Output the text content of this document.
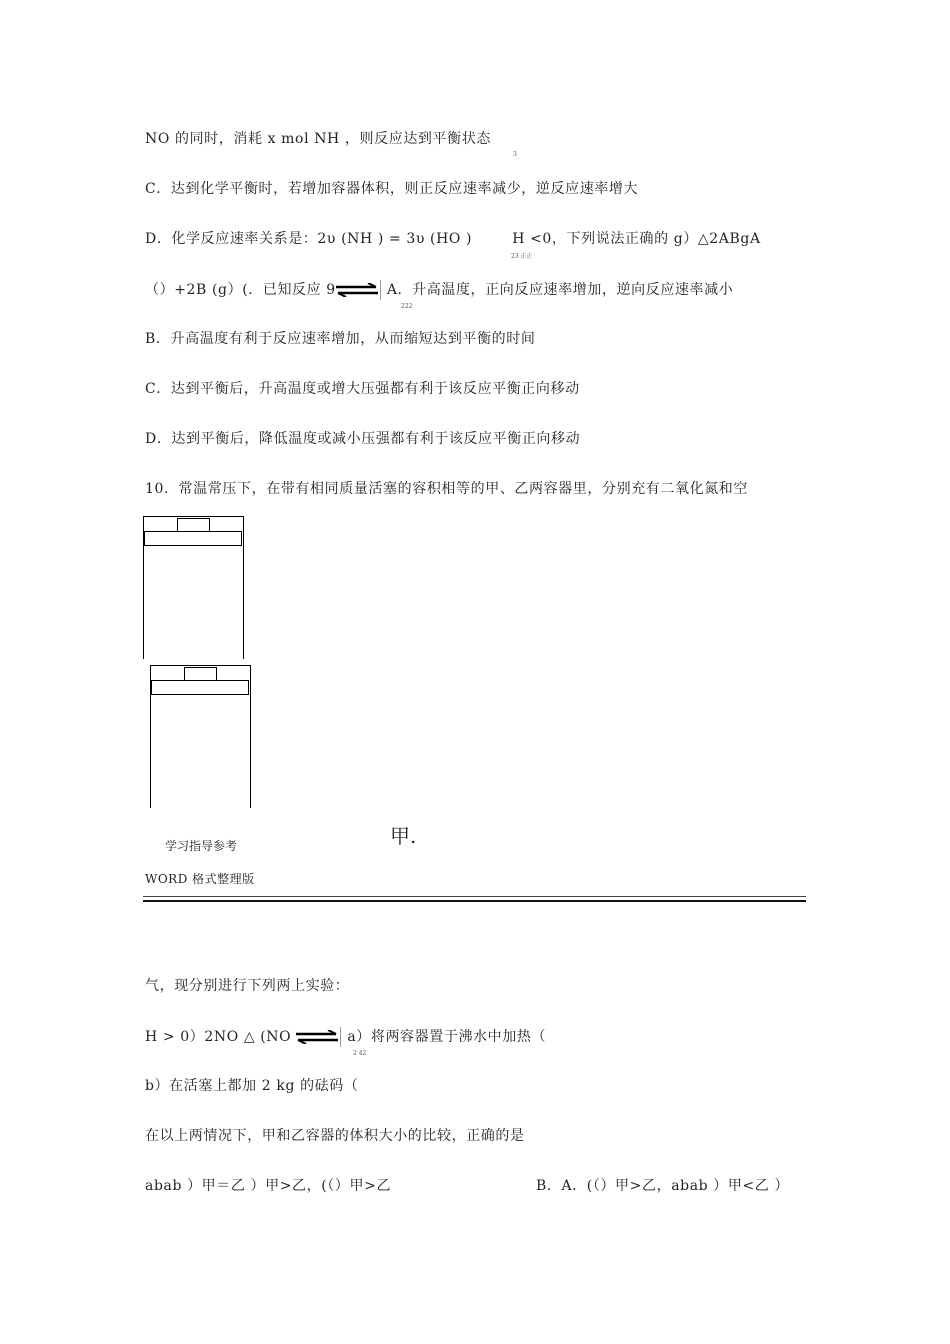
NO 的同时，消耗 x mol NH ，则反应达到平衡状态
3
C．达到化学平衡时，若增加容器体积，则正反应速率减少，逆反应速率增大
D．化学反应速率关系是：2υ (NH ) = 3υ (HO )	H <0，下列说法正确的 g）△2ABgA
23 正正
（）+2B (g）(．已知反应 9⇌ A．升高温度，正向反应速率增加，逆向反应速率减小
222
B．升高温度有利于反应速率增加，从而缩短达到平衡的时间
C．达到平衡后，升高温度或增大压强都有利于该反应平衡正向移动
D．达到平衡后，降低温度或减小压强都有利于该反应平衡正向移动
10．常温常压下，在带有相同质量活塞的容积相等的甲、乙两容器里，分别充有二氧化氮和空
甲.
学习指导参考
WORD 格式整理版
气，现分别进行下列两上实验：
H > 0）2NO △ (NO ⇌ a）将两容器置于沸水中加热（
2 42
b）在活塞上都加 2 kg 的砝码（
在以上两情况下，甲和乙容器的体积大小的比较，正确的是
abab ）甲＝乙 ）甲>乙，(（）甲>乙	B．A．(（）甲>乙，abab ）甲<乙 ）
